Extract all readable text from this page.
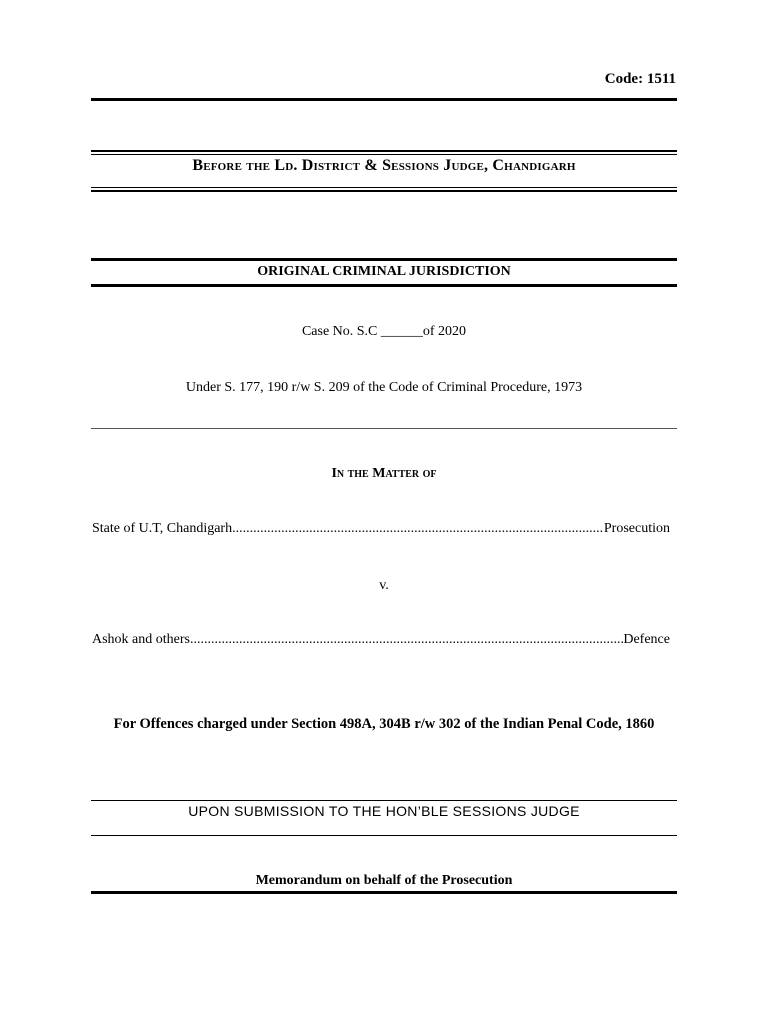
Code: 1511
Before the Ld. District & Sessions Judge, Chandigarh
ORIGINAL CRIMINAL JURISDICTION
Case No. S.C ______of 2020
Under S. 177, 190 r/w S. 209 of the Code of Criminal Procedure, 1973
In the Matter of
State of U.T, Chandigarh .....	Prosecution
v.
Ashok and others .....	Defence
For Offences charged under Section 498A, 304B r/w 302 of the Indian Penal Code, 1860
UPON SUBMISSION TO THE HON’BLE SESSIONS JUDGE
Memorandum on behalf of the Prosecution
